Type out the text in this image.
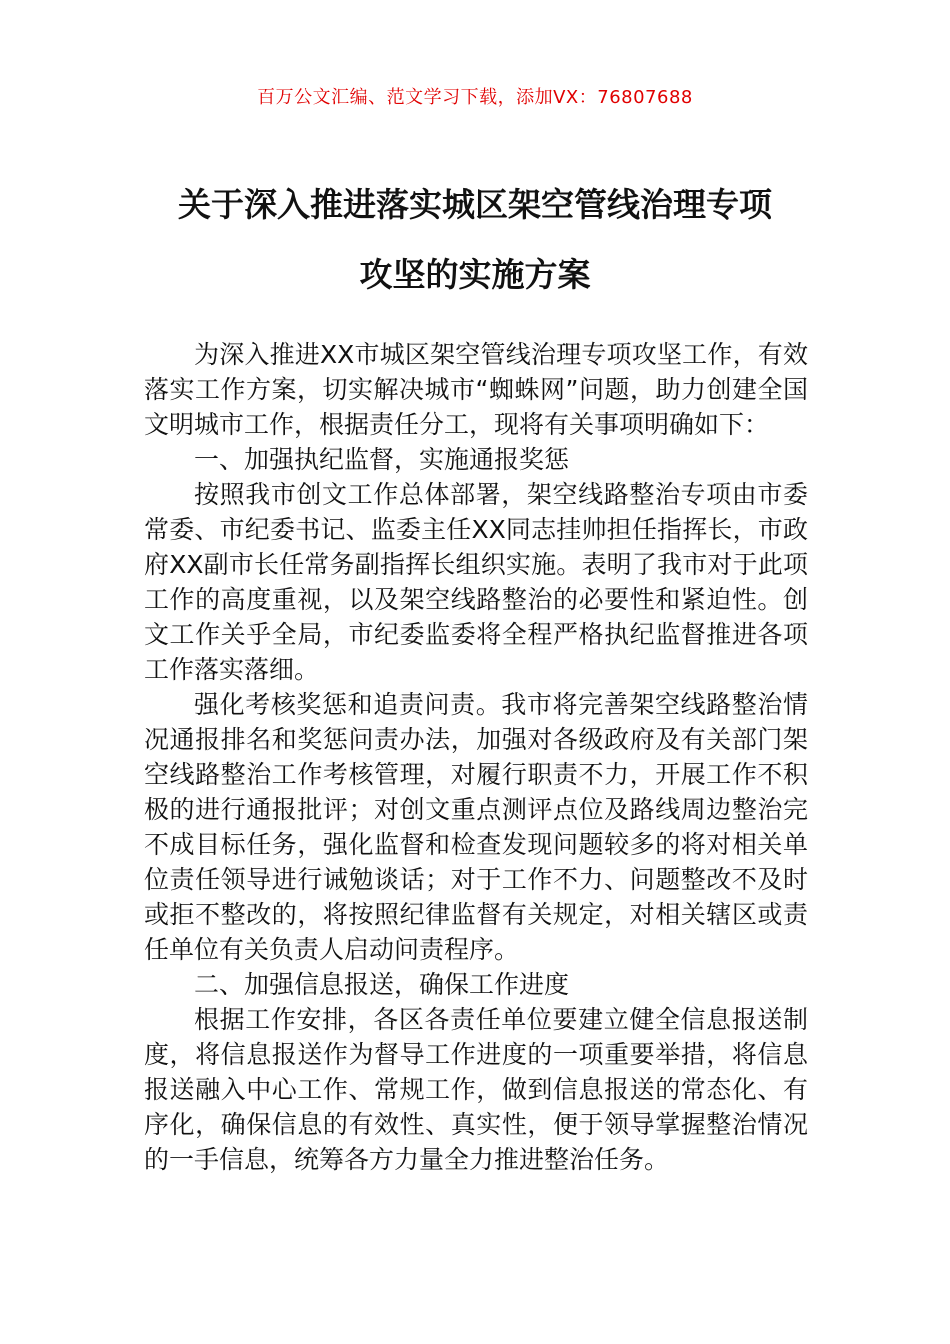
百万公文汇编、范文学习下载，添加VX：76807688
关于深入推进落实城区架空管线治理专项
攻坚的实施方案

为深入推进XX市城区架空管线治理专项攻坚工作，有效落实工作方案，切实解决城市“蜘蛛网”问题，助力创建全国文明城市工作，根据责任分工，现将有关事项明确如下：

一、加强执纪监督，实施通报奖惩

按照我市创文工作总体部署，架空线路整治专项由市委常委、市纪委书记、监委主任XX同志挂帅担任指挥长，市政府XX副市长任常务副指挥长组织实施。表明了我市对于此项工作的高度重视，以及架空线路整治的必要性和紧迫性。创文工作关乎全局，市纪委监委将全程严格执纪监督推进各项工作落实落细。

强化考核奖惩和追责问责。我市将完善架空线路整治情况通报排名和奖惩问责办法，加强对各级政府及有关部门架空线路整治工作考核管理，对履行职责不力，开展工作不积极的进行通报批评；对创文重点测评点位及路线周边整治完不成目标任务，强化监督和检查发现问题较多的将对相关单位责任领导进行诫勉谈话；对于工作不力、问题整改不及时或拒不整改的，将按照纪律监督有关规定，对相关辖区或责任单位有关负责人启动问责程序。

二、加强信息报送，确保工作进度

根据工作安排，各区各责任单位要建立健全信息报送制度，将信息报送作为督导工作进度的一项重要举措，将信息报送融入中心工作、常规工作，做到信息报送的常态化、有序化，确保信息的有效性、真实性，便于领导掌握整治情况的一手信息，统筹各方力量全力推进整治任务。
